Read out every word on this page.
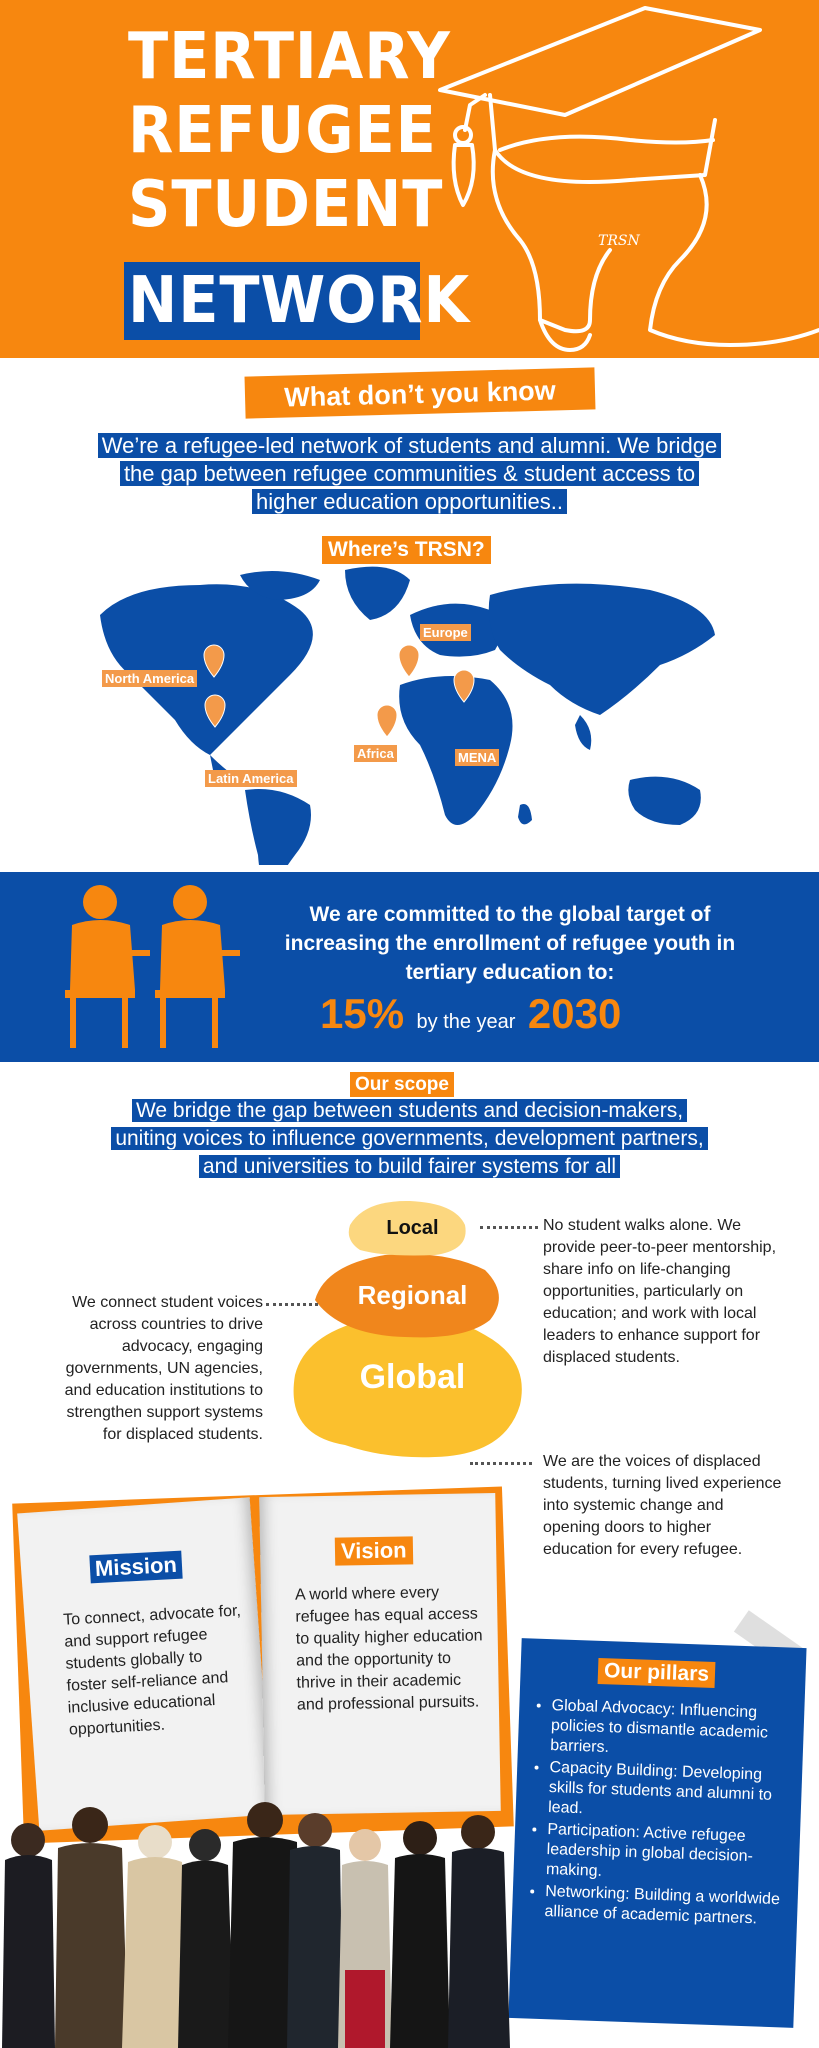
TERTIARY
REFUGEE
STUDENT
NETWORK
TRSN
What don’t you know
We’re a refugee-led network of students and alumni. We bridge
the gap between refugee communities & student access to
higher education opportunities..
Where’s TRSN?
North America
Europe
Latin America
Africa	MENA
We are committed to the global target of
increasing the enrollment of refugee youth in
tertiary education to:
15% by the year 2030
Our scope
We bridge the gap between students and decision-makers,
uniting voices to influence governments, development partners,
and universities to build fairer systems for all
Local
Regional
Global
No student walks alone. We provide peer-to-peer mentorship, share info on life-changing opportunities, particularly on education; and work with local leaders to enhance support for displaced students.
We connect student voices across countries to drive advocacy, engaging governments, UN agencies, and education institutions to strengthen support systems for displaced students.
We are the voices of displaced students, turning lived experience into systemic change and opening doors to higher education for every refugee.
Mission
To connect, advocate for, and support refugee students globally to foster self-reliance and inclusive educational opportunities.
Vision
A world where every refugee has equal access to quality higher education and the opportunity to thrive in their academic and professional pursuits.
Our pillars
• Global Advocacy: Influencing policies to dismantle academic barriers.
• Capacity Building: Developing skills for students and alumni to lead.
• Participation: Active refugee leadership in global decision-making.
• Networking: Building a worldwide alliance of academic partners.
